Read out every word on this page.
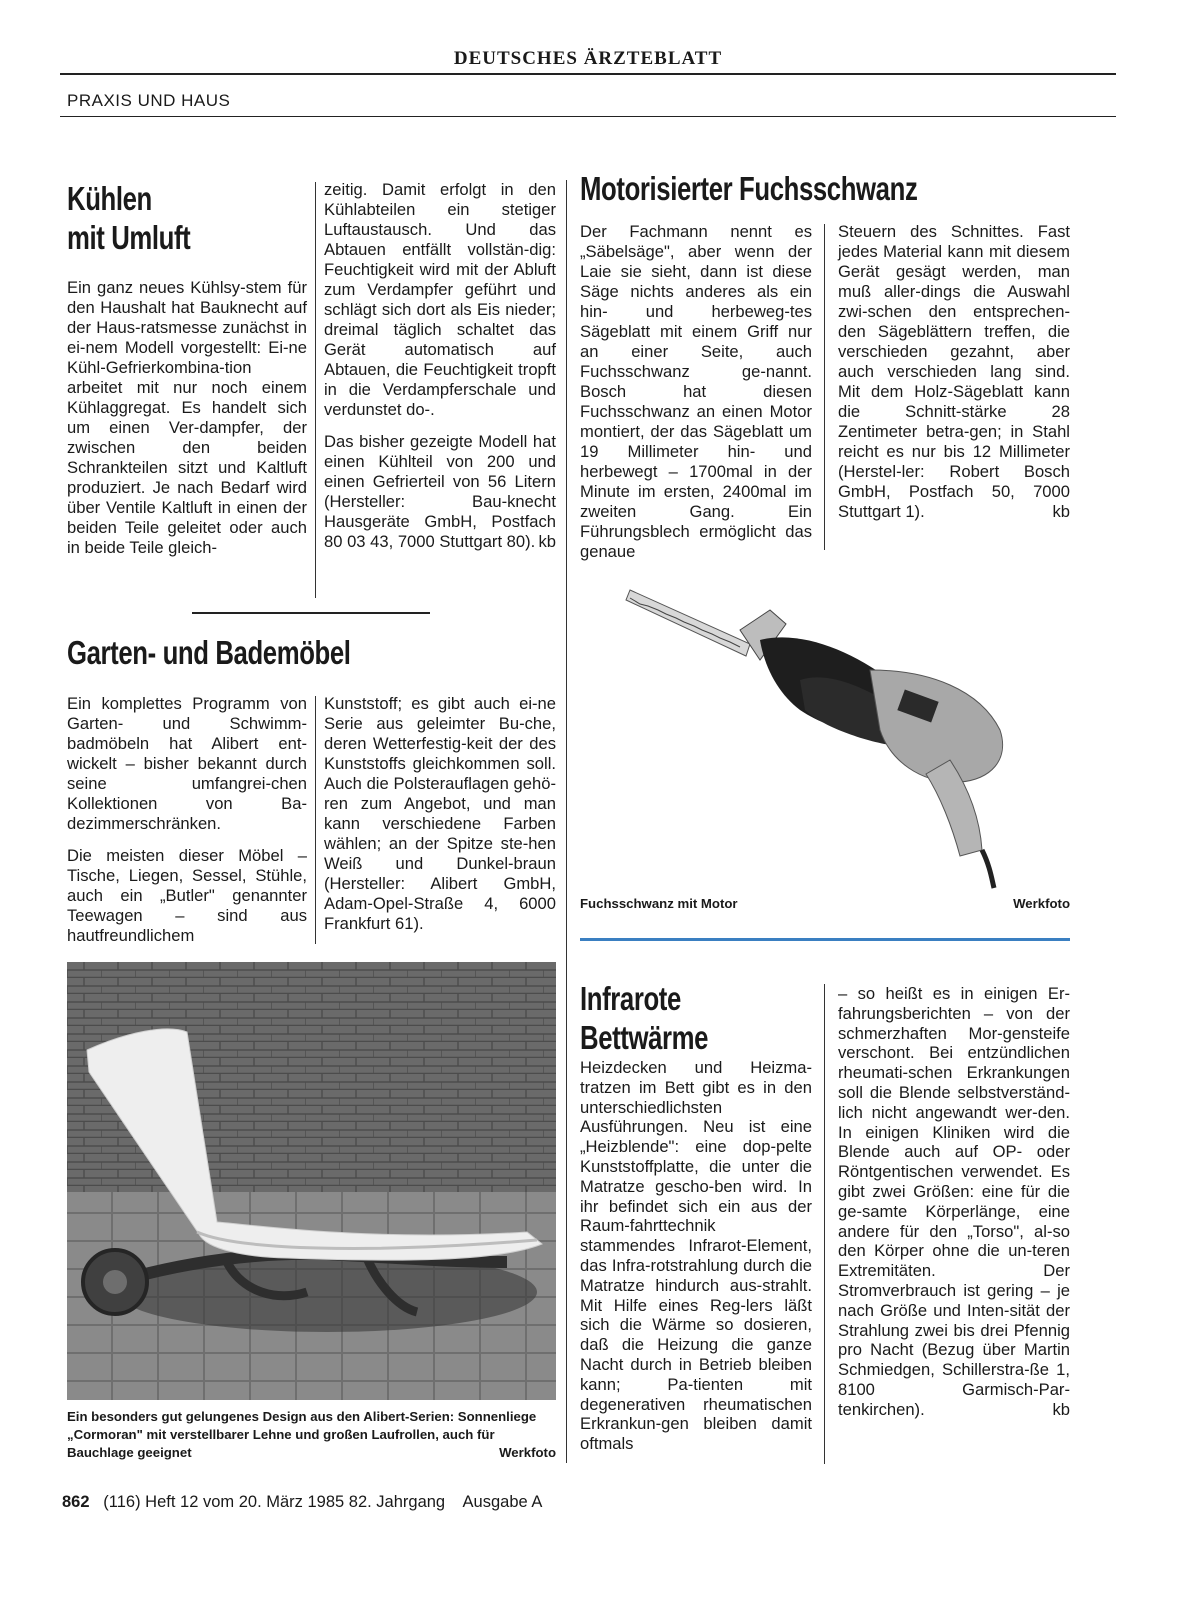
DEUTSCHES ÄRZTEBLATT
PRAXIS UND HAUS
Kühlen
mit Umluft
Ein ganz neues Kühlsy-stem für den Haushalt hat Bauknecht auf der Haus-ratsmesse zunächst in ei-nem Modell vorgestellt: Ei-ne Kühl-Gefrierkombina-tion arbeitet mit nur noch einem Kühlaggregat. Es handelt sich um einen Ver-dampfer, der zwischen den beiden Schrankteilen sitzt und Kaltluft produziert. Je nach Bedarf wird über Ventile Kaltluft in einen der beiden Teile geleitet oder auch in beide Teile gleich-

zeitig. Damit erfolgt in den Kühlabteilen ein stetiger Luftaustausch. Und das Abtauen entfällt vollstän-dig: Feuchtigkeit wird mit der Abluft zum Verdampfer geführt und schlägt sich dort als Eis nieder; dreimal täglich schaltet das Gerät automatisch auf Abtauen, die Feuchtigkeit tropft in die Verdampferschale und verdunstet do-.

Das bisher gezeigte Modell hat einen Kühlteil von 200 und einen Gefrierteil von 56 Litern (Hersteller: Bau-knecht Hausgeräte GmbH, Postfach 80 03 43, 7000 Stuttgart 80). kb
Garten- und Bademöbel

Ein komplettes Programm von Garten- und Schwimm-badmöbeln hat Alibert ent-wickelt – bisher bekannt durch seine umfangrei-chen Kollektionen von Ba-dezimmerschränken.

Die meisten dieser Möbel – Tische, Liegen, Sessel, Stühle, auch ein „Butler" genannter Teewagen – sind aus hautfreundlichem

Kunststoff; es gibt auch ei-ne Serie aus geleimter Bu-che, deren Wetterfestig-keit der des Kunststoffs gleichkommen soll. Auch die Polsterauflagen gehö-ren zum Angebot, und man kann verschiedene Farben wählen; an der Spitze ste-hen Weiß und Dunkel-braun (Hersteller: Alibert GmbH, Adam-Opel-Straße 4, 6000 Frankfurt 61).
Ein besonders gut gelungenes Design aus den Alibert-Serien: Sonnenliege „Cormoran" mit verstellbarer Lehne und großen Laufrollen, auch für Bauchlage geeignet	Werkfoto
Motorisierter Fuchsschwanz
Der Fachmann nennt es „Säbelsäge", aber wenn der Laie sie sieht, dann ist diese Säge nichts anderes als ein hin- und herbeweg-tes Sägeblatt mit einem Griff nur an einer Seite, auch Fuchsschwanz ge-nannt. Bosch hat diesen Fuchsschwanz an einen Motor montiert, der das Sägeblatt um 19 Millimeter hin- und herbewegt – 1700mal in der Minute im ersten, 2400mal im zweiten Gang. Ein Führungsblech ermöglicht das genaue

Steuern des Schnittes. Fast jedes Material kann mit diesem Gerät gesägt werden, man muß aller-dings die Auswahl zwi-schen den entsprechen-den Sägeblättern treffen, die verschieden gezahnt, aber auch verschieden lang sind. Mit dem Holz-Sägeblatt kann die Schnitt-stärke 28 Zentimeter betra-gen; in Stahl reicht es nur bis 12 Millimeter (Herstel-ler: Robert Bosch GmbH, Postfach 50, 7000 Stuttgart 1).	kb
Fuchsschwanz mit Motor	Werkfoto
Infrarote
Bettwärme
Heizdecken und Heizma-tratzen im Bett gibt es in den unterschiedlichsten Ausführungen. Neu ist eine „Heizblende": eine dop-pelte Kunststoffplatte, die unter die Matratze gescho-ben wird. In ihr befindet sich ein aus der Raum-fahrttechnik stammendes Infrarot-Element, das Infra-rotstrahlung durch die Matratze hindurch aus-strahlt. Mit Hilfe eines Reg-lers läßt sich die Wärme so dosieren, daß die Heizung die ganze Nacht durch in Betrieb bleiben kann; Pa-tienten mit degenerativen rheumatischen Erkrankun-gen bleiben damit oftmals

– so heißt es in einigen Er-fahrungsberichten – von der schmerzhaften Mor-gensteife verschont. Bei entzündlichen rheumati-schen Erkrankungen soll die Blende selbstverständ-lich nicht angewandt wer-den. In einigen Kliniken wird die Blende auch auf OP- oder Röntgentischen verwendet. Es gibt zwei Größen: eine für die ge-samte Körperlänge, eine andere für den „Torso", al-so den Körper ohne die un-teren Extremitäten. Der Stromverbrauch ist gering – je nach Größe und Inten-sität der Strahlung zwei bis drei Pfennig pro Nacht (Bezug über Martin Schmiedgen, Schillerstra-ße 1, 8100 Garmisch-Par-tenkirchen).	kb
862 (116) Heft 12 vom 20. März 1985 82. Jahrgang Ausgabe A
